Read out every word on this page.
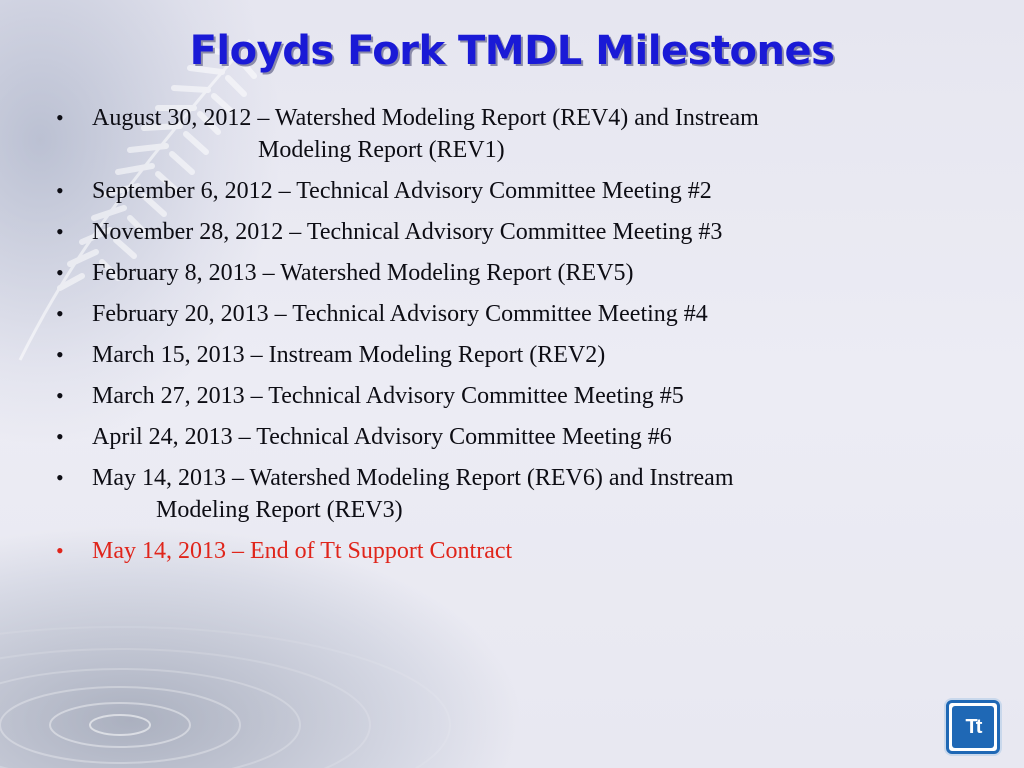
Floyds Fork TMDL Milestones
•	August 30, 2012 – Watershed Modeling Report (REV4) and Instream
Modeling Report (REV1)
•	September 6, 2012 – Technical Advisory Committee Meeting #2
•	November 28, 2012 – Technical Advisory Committee Meeting #3
•	February 8, 2013 – Watershed Modeling Report (REV5)
•	February 20, 2013 – Technical Advisory Committee Meeting #4
•	March 15, 2013 – Instream Modeling Report (REV2)
•	March 27, 2013 – Technical Advisory Committee Meeting #5
•	April 24, 2013 – Technical Advisory Committee Meeting #6
•	May 14, 2013 – Watershed Modeling Report (REV6) and Instream
Modeling Report (REV3)
•	May 14, 2013 – End of Tt Support Contract
Tt
